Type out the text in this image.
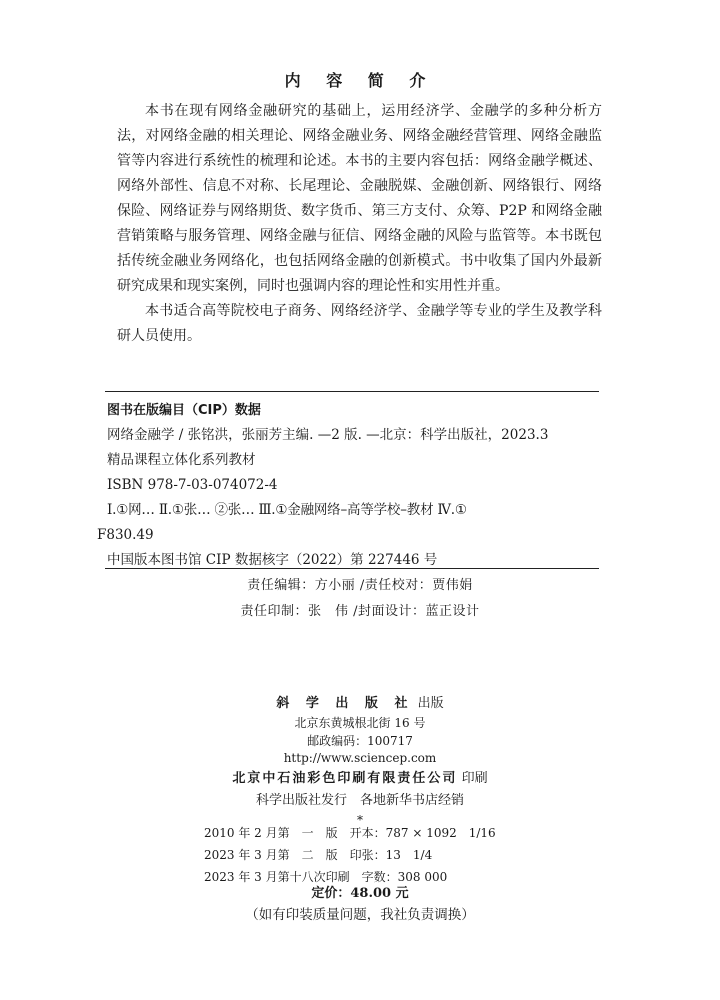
内 容 简 介

本书在现有网络金融研究的基础上，运用经济学、金融学的多种分析方法，对网络金融的相关理论、网络金融业务、网络金融经营管理、网络金融监管等内容进行系统性的梳理和论述。本书的主要内容包括：网络金融学概述、网络外部性、信息不对称、长尾理论、金融脱媒、金融创新、网络银行、网络保险、网络证券与网络期货、数字货币、第三方支付、众筹、P2P 和网络金融营销策略与服务管理、网络金融与征信、网络金融的风险与监管等。本书既包括传统金融业务网络化，也包括网络金融的创新模式。书中收集了国内外最新研究成果和现实案例，同时也强调内容的理论性和实用性并重。

本书适合高等院校电子商务、网络经济学、金融学等专业的学生及教学科研人员使用。

图书在版编目（CIP）数据
网络金融学 / 张铭洪，张丽芳主编. —2 版. —北京：科学出版社，2023.3
精品课程立体化系列教材
ISBN 978-7-03-074072-4
Ⅰ.①网… Ⅱ.①张… ②张… Ⅲ.①金融网络–高等学校–教材 Ⅳ.①
F830.49
中国版本图书馆 CIP 数据核字（2022）第 227446 号
责任编辑：方小丽 /责任校对：贾伟娟
责任印制：张　伟 /封面设计：蓝正设计
斜 学 出 版 社 出版
北京东黄城根北街 16 号
邮政编码：100717
http://www.sciencep.com
北京中石油彩色印刷有限责任公司 印刷
科学出版社发行　各地新华书店经销
*
2010 年 2 月第　一　版　开本：787 × 1092　1/16
2023 年 3 月第　二　版　印张：13　1/4
2023 年 3 月第十八次印刷　字数：308 000
定价：48.00 元
（如有印装质量问题，我社负责调换）
